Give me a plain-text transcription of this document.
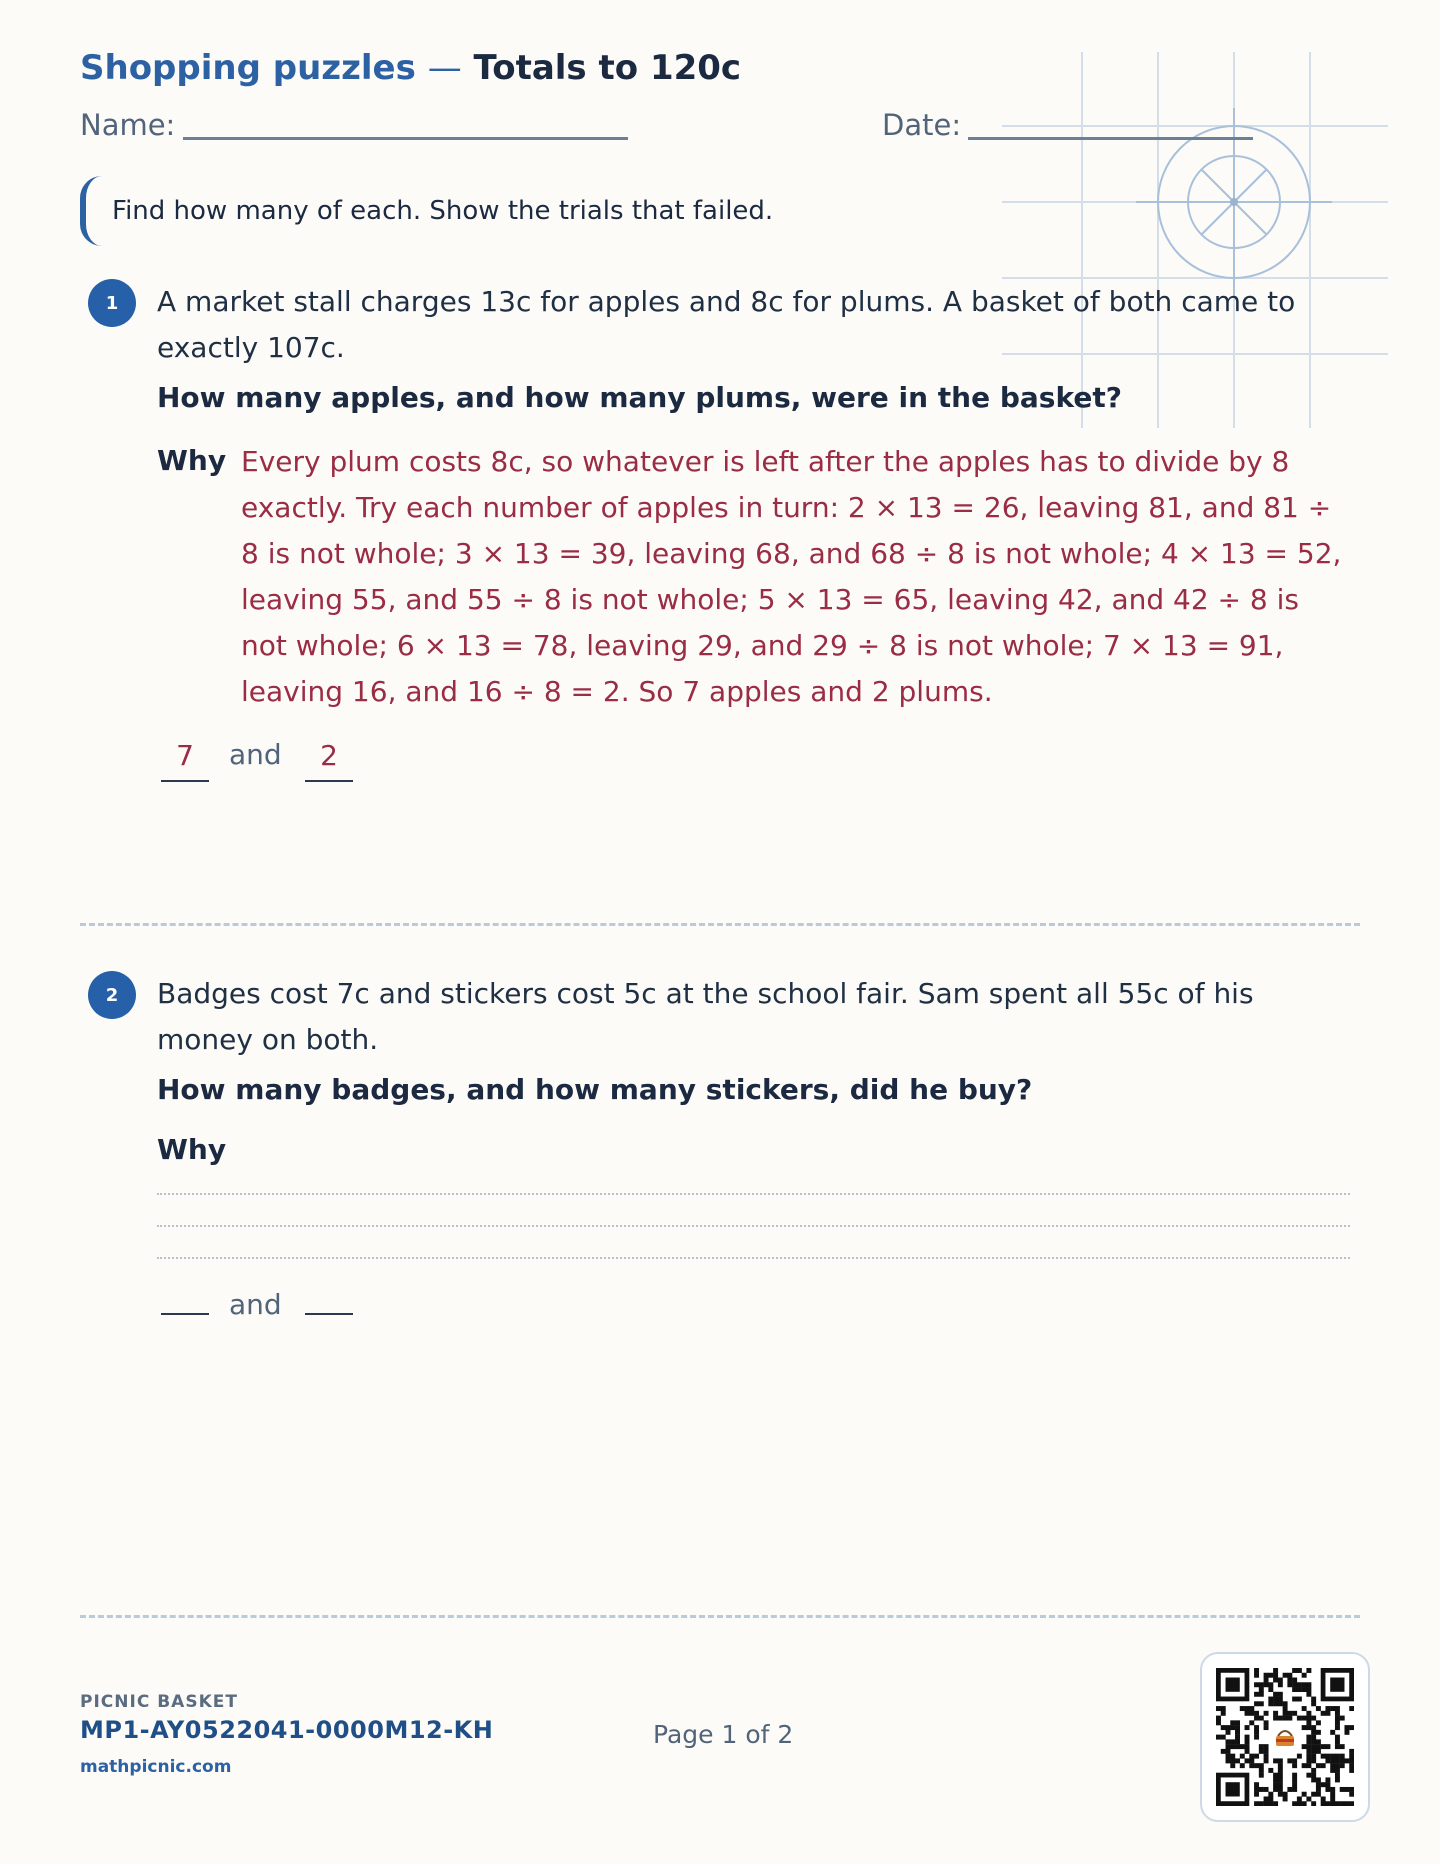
Shopping puzzles — Totals to 120c
Name:	Date:
Find how many of each. Show the trials that failed.
1	A market stall charges 13c for apples and 8c for plums. A basket of both came to exactly 107c.
How many apples, and how many plums, were in the basket?
Why Every plum costs 8c, so whatever is left after the apples has to divide by 8 exactly. Try each number of apples in turn: 2 × 13 = 26, leaving 81, and 81 ÷ 8 is not whole; 3 × 13 = 39, leaving 68, and 68 ÷ 8 is not whole; 4 × 13 = 52, leaving 55, and 55 ÷ 8 is not whole; 5 × 13 = 65, leaving 42, and 42 ÷ 8 is not whole; 6 × 13 = 78, leaving 29, and 29 ÷ 8 is not whole; 7 × 13 = 91, leaving 16, and 16 ÷ 8 = 2. So 7 apples and 2 plums.
7	and	2
2	Badges cost 7c and stickers cost 5c at the school fair. Sam spent all 55c of his money on both.
How many badges, and how many stickers, did he buy?
Why
and
PICNIC BASKET
MP1-AY0522041-0000M12-KH
mathpicnic.com
Page 1 of 2
